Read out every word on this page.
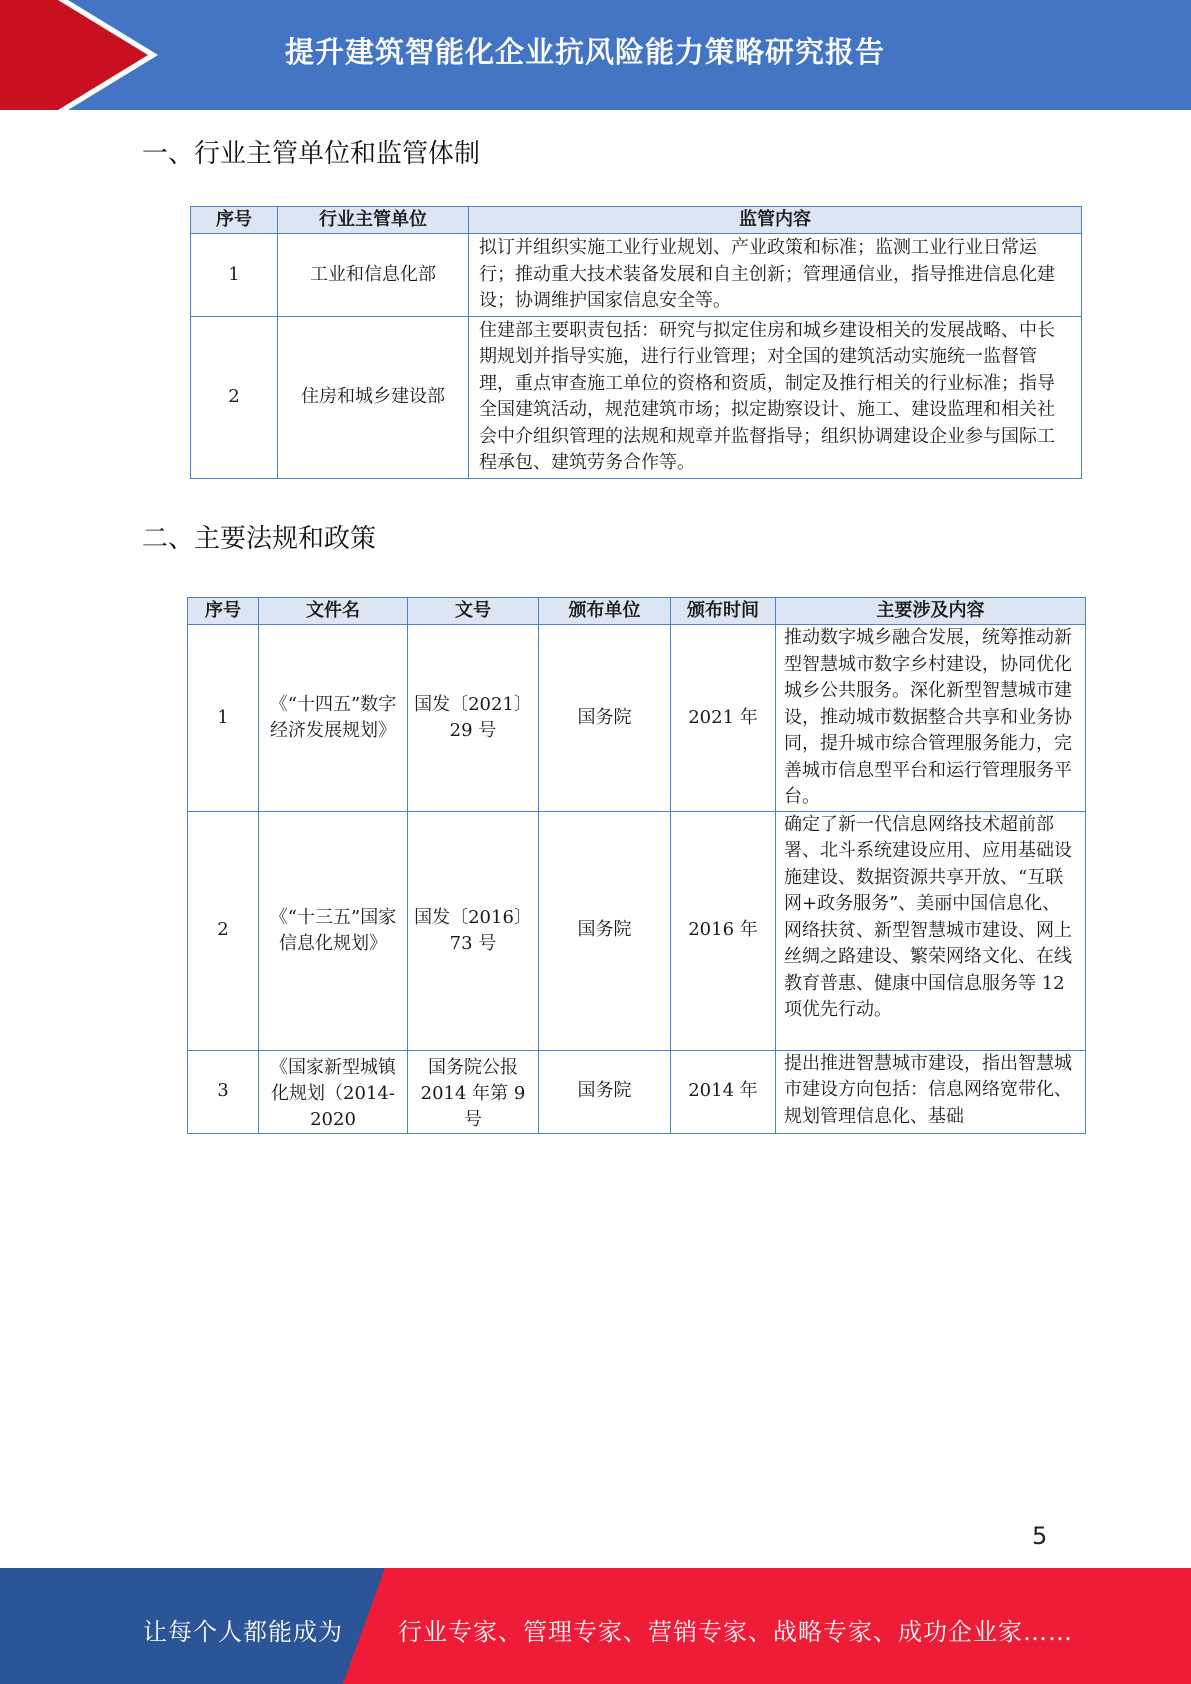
提升建筑智能化企业抗风险能力策略研究报告
一、行业主管单位和监管体制
序号	行业主管单位	监管内容
1	工业和信息化部	拟订并组织实施工业行业规划、产业政策和标准；监测工业行业日常运行；推动重大技术装备发展和自主创新；管理通信业，指导推进信息化建设；协调维护国家信息安全等。
2	住房和城乡建设部	住建部主要职责包括：研究与拟定住房和城乡建设相关的发展战略、中长期规划并指导实施，进行行业管理；对全国的建筑活动实施统一监督管理，重点审查施工单位的资格和资质，制定及推行相关的行业标准；指导全国建筑活动，规范建筑市场；拟定勘察设计、施工、建设监理和相关社会中介组织管理的法规和规章并监督指导；组织协调建设企业参与国际工程承包、建筑劳务合作等。
二、主要法规和政策
序号	文件名	文号	颁布单位	颁布时间	主要涉及内容
1	《“十四五”数字经济发展规划》	国发〔2021〕29 号	国务院	2021 年	推动数字城乡融合发展，统筹推动新型智慧城市数字乡村建设，协同优化城乡公共服务。深化新型智慧城市建设，推动城市数据整合共享和业务协同，提升城市综合管理服务能力，完善城市信息型平台和运行管理服务平台。
2	《“十三五”国家信息化规划》	国发〔2016〕73 号	国务院	2016 年	确定了新一代信息网络技术超前部署、北斗系统建设应用、应用基础设施建设、数据资源共享开放、“互联网+政务服务”、美丽中国信息化、网络扶贫、新型智慧城市建设、网上丝绸之路建设、繁荣网络文化、在线教育普惠、健康中国信息服务等 12 项优先行动。
3	《国家新型城镇化规划（2014-2020	国务院公报 2014 年第 9 号	国务院	2014 年	提出推进智慧城市建设，指出智慧城市建设方向包括：信息网络宽带化、规划管理信息化、基础
5
让每个人都能成为 行业专家、管理专家、营销专家、战略专家、成功企业家……
